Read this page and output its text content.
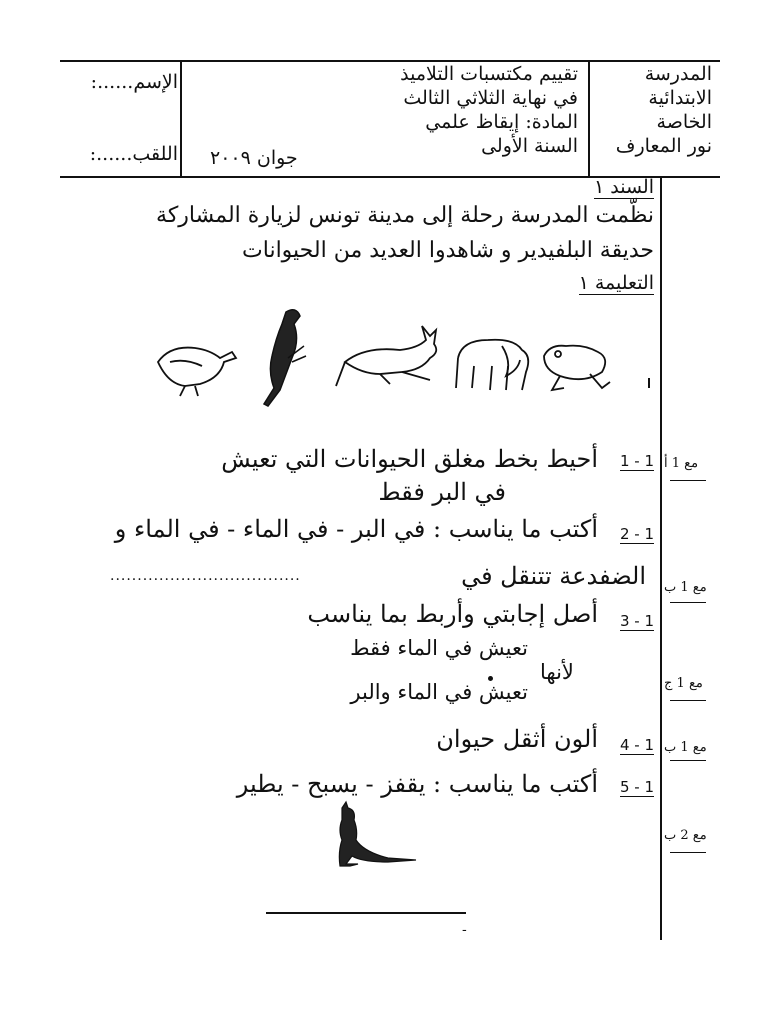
المدرسة
الابتدائية
الخاصة
نور المعارف
تقييم مكتسبات التلاميذ
في نهاية الثلاثي الثالث
المادة: إيقاظ علمي
السنة الأولى
جوان ٢٠٠٩
الإسم......:
اللقب......:
السند ١
نظّمت المدرسة رحلة إلى مدينة تونس لزيارة المشاركة
حديقة البلفيدير و شاهدوا العديد من الحيوانات
التعليمة ١
1 - 1
أحيط بخط مغلق الحيوانات التي تعيش
في البر فقط
مع 1 أ
2 - 1
أكتب ما يناسب : في البر - في الماء - في الماء و
الضفدعة تتنقل في
...................................
مع 1 ب
3 - 1
أصل إجابتي وأربط بما يناسب
تعيش في الماء فقط
لأنها
تعيش في الماء والبر	مع 1 ج
4 - 1
ألون أثقل حيوان	مع 1 ب
5 - 1
أكتب ما يناسب : يقفز - يسبح - يطير
مع 2 ب
-
